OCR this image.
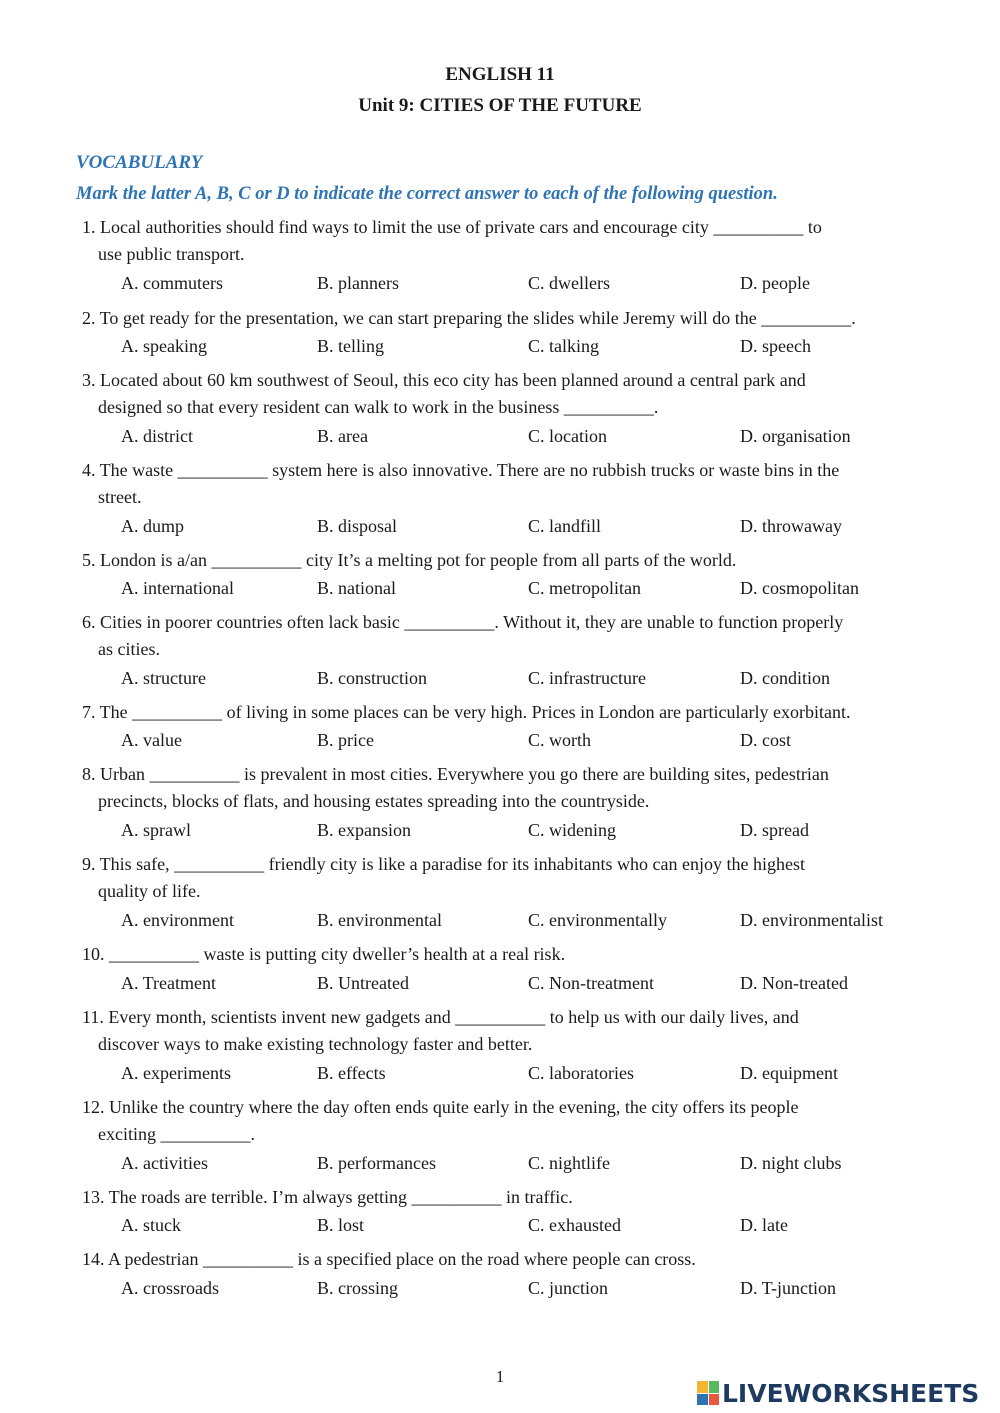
ENGLISH 11
Unit 9: CITIES OF THE FUTURE
VOCABULARY
Mark the latter A, B, C or D to indicate the correct answer to each of the following question.
1. Local authorities should find ways to limit the use of private cars and encourage city __________ to
use public transport.
A. commuters	B. planners	C. dwellers	D. people
2. To get ready for the presentation, we can start preparing the slides while Jeremy will do the __________.
A. speaking	B. telling	C. talking	D. speech
3. Located about 60 km southwest of Seoul, this eco city has been planned around a central park and
designed so that every resident can walk to work in the business __________.
A. district	B. area	C. location	D. organisation
4. The waste __________ system here is also innovative. There are no rubbish trucks or waste bins in the
street.
A. dump	B. disposal	C. landfill	D. throwaway
5. London is a/an __________ city It’s a melting pot for people from all parts of the world.
A. international	B. national	C. metropolitan	D. cosmopolitan
6. Cities in poorer countries often lack basic __________. Without it, they are unable to function properly
as cities.
A. structure	B. construction	C. infrastructure	D. condition
7. The __________ of living in some places can be very high. Prices in London are particularly exorbitant.
A. value	B. price	C. worth	D. cost
8. Urban __________ is prevalent in most cities. Everywhere you go there are building sites, pedestrian
precincts, blocks of flats, and housing estates spreading into the countryside.
A. sprawl	B. expansion	C. widening	D. spread
9. This safe, __________ friendly city is like a paradise for its inhabitants who can enjoy the highest
quality of life.
A. environment	B. environmental	C. environmentally	D. environmentalist
10. __________ waste is putting city dweller’s health at a real risk.
A. Treatment	B. Untreated	C. Non-treatment	D. Non-treated
11. Every month, scientists invent new gadgets and __________ to help us with our daily lives, and
discover ways to make existing technology faster and better.
A. experiments	B. effects	C. laboratories	D. equipment
12. Unlike the country where the day often ends quite early in the evening, the city offers its people
exciting __________.
A. activities	B. performances	C. nightlife	D. night clubs
13. The roads are terrible. I’m always getting __________ in traffic.
A. stuck	B. lost	C. exhausted	D. late
14. A pedestrian __________ is a specified place on the road where people can cross.
A. crossroads	B. crossing	C. junction	D. T-junction
1
LIVEWORKSHEETS
